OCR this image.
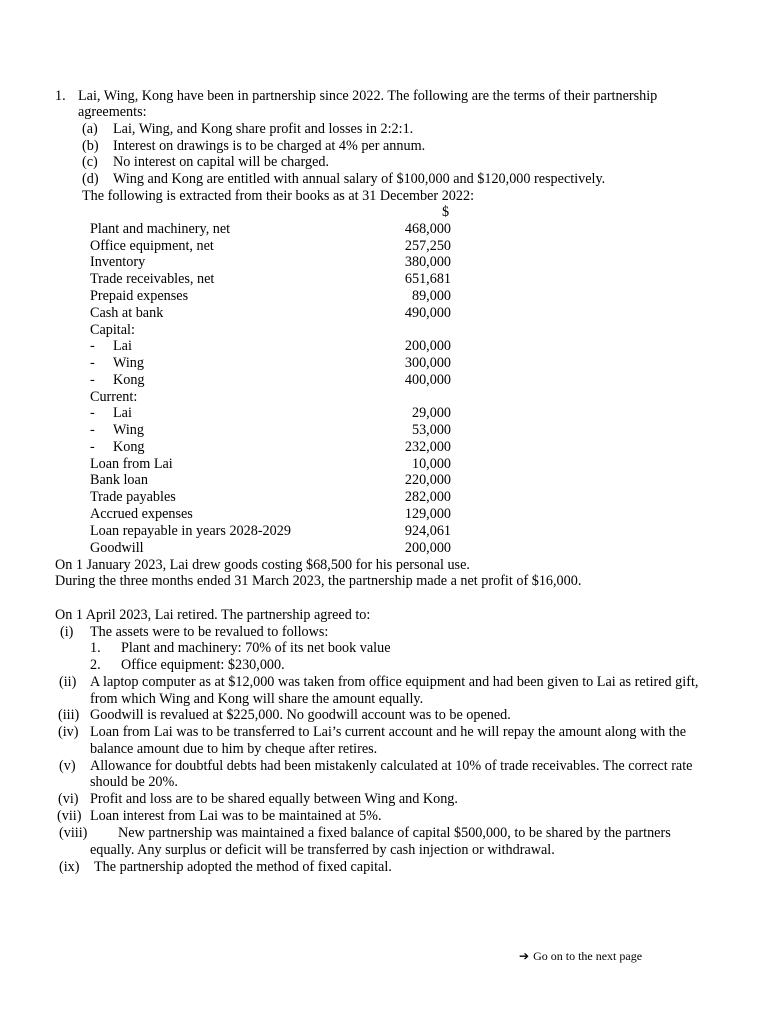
1. Lai, Wing, Kong have been in partnership since 2022. The following are the terms of their partnership
agreements:
(a) Lai, Wing, and Kong share profit and losses in 2:2:1.
(b) Interest on drawings is to be charged at 4% per annum.
(c) No interest on capital will be charged.
(d) Wing and Kong are entitled with annual salary of $100,000 and $120,000 respectively.
The following is extracted from their books as at 31 December 2022:
$
Plant and machinery, net	468,000
Office equipment, net	257,250
Inventory	380,000
Trade receivables, net	651,681
Prepaid expenses	89,000
Cash at bank	490,000
Capital:
- Lai	200,000
- Wing	300,000
- Kong	400,000
Current:
- Lai	29,000
- Wing	53,000
- Kong	232,000
Loan from Lai	10,000
Bank loan	220,000
Trade payables	282,000
Accrued expenses	129,000
Loan repayable in years 2028-2029	924,061
Goodwill	200,000
On 1 January 2023, Lai drew goods costing $68,500 for his personal use.
During the three months ended 31 March 2023, the partnership made a net profit of $16,000.
On 1 April 2023, Lai retired. The partnership agreed to:
(i) The assets were to be revalued to follows:
1. Plant and machinery: 70% of its net book value
2. Office equipment: $230,000.
(ii) A laptop computer as at $12,000 was taken from office equipment and had been given to Lai as retired gift,
from which Wing and Kong will share the amount equally.
(iii) Goodwill is revalued at $225,000. No goodwill account was to be opened.
(iv) Loan from Lai was to be transferred to Lai’s current account and he will repay the amount along with the
balance amount due to him by cheque after retires.
(v) Allowance for doubtful debts had been mistakenly calculated at 10% of trade receivables. The correct rate
should be 20%.
(vi) Profit and loss are to be shared equally between Wing and Kong.
(vii) Loan interest from Lai was to be maintained at 5%.
(viii) New partnership was maintained a fixed balance of capital $500,000, to be shared by the partners
equally. Any surplus or deficit will be transferred by cash injection or withdrawal.
(ix) The partnership adopted the method of fixed capital.
➔ Go on to the next page
